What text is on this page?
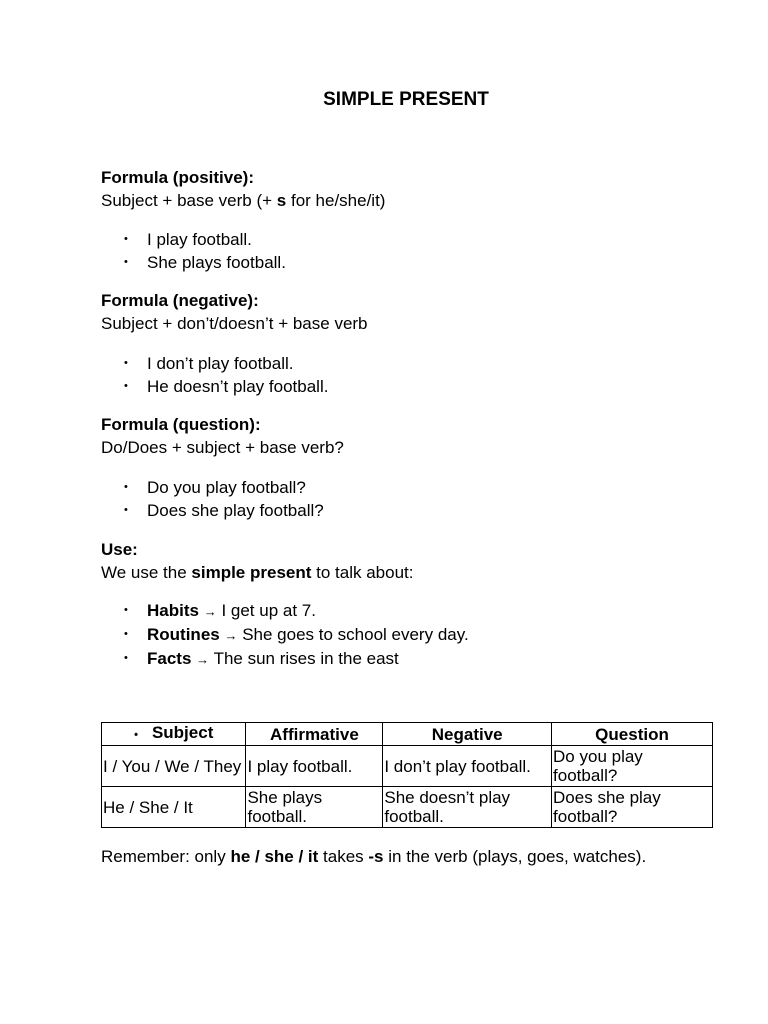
SIMPLE PRESENT
Formula (positive):
Subject + base verb (+ s for he/she/it)
• I play football.
• She plays football.
Formula (negative):
Subject + don’t/doesn’t + base verb
• I don’t play football.
• He doesn’t play football.
Formula (question):
Do/Does + subject + base verb?
• Do you play football?
• Does she play football?
Use:
We use the simple present to talk about:
• Habits → I get up at 7.
• Routines → She goes to school every day.
• Facts → The sun rises in the east
• Subject	Affirmative	Negative	Question
I / You / We / They	I play football.	I don’t play football.	Do you play football?
He / She / It	She plays football.	She doesn’t play football.	Does she play football?
Remember: only he / she / it takes -s in the verb (plays, goes, watches).
